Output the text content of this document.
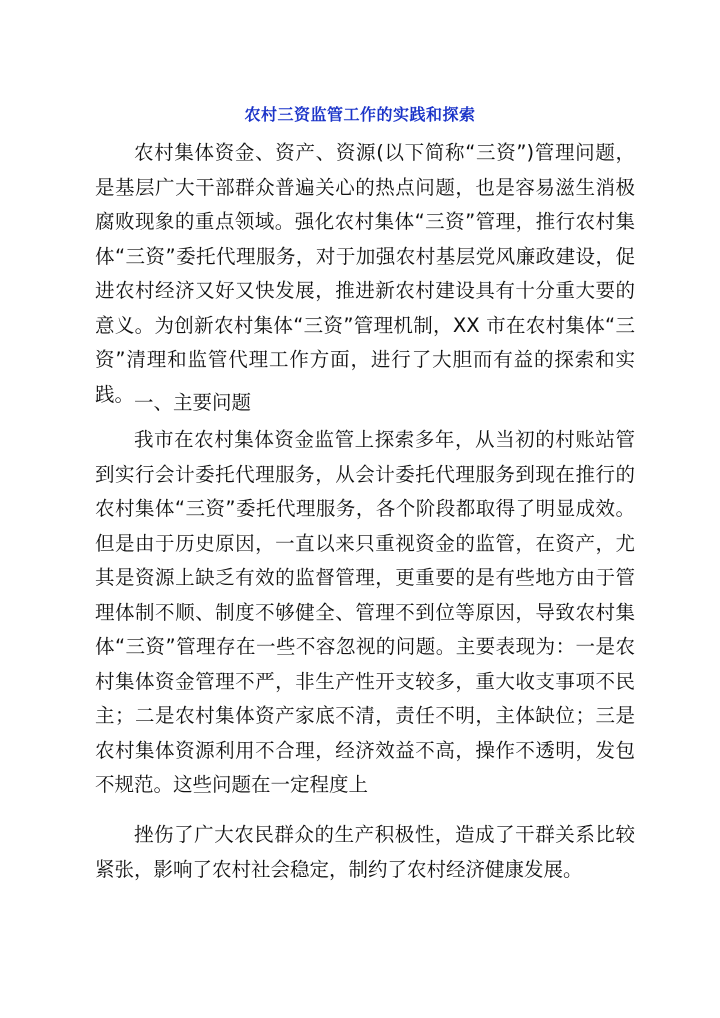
农村三资监管工作的实践和探索

农村集体资金、资产、资源(以下简称“三资”)管理问题，是基层广大干部群众普遍关心的热点问题，也是容易滋生消极腐败现象的重点领域。强化农村集体“三资”管理，推行农村集体“三资”委托代理服务，对于加强农村基层党风廉政建设，促进农村经济又好又快发展，推进新农村建设具有十分重大要的意义。为创新农村集体“三资”管理机制，XX 市在农村集体“三资”清理和监管代理工作方面，进行了大胆而有益的探索和实践。 一、主要问题

我市在农村集体资金监管上探索多年，从当初的村账站管到实行会计委托代理服务，从会计委托代理服务到现在推行的农村集体“三资”委托代理服务，各个阶段都取得了明显成效。但是由于历史原因，一直以来只重视资金的监管，在资产，尤其是资源上缺乏有效的监督管理，更重要的是有些地方由于管理体制不顺、制度不够健全、管理不到位等原因，导致农村集体“三资”管理存在一些不容忽视的问题。主要表现为：一是农村集体资金管理不严，非生产性开支较多，重大收支事项不民主；二是农村集体资产家底不清，责任不明，主体缺位；三是农村集体资源利用不合理，经济效益不高，操作不透明，发包不规范。这些问题在一定程度上

挫伤了广大农民群众的生产积极性，造成了干群关系比较紧张，影响了农村社会稳定，制约了农村经济健康发展。
